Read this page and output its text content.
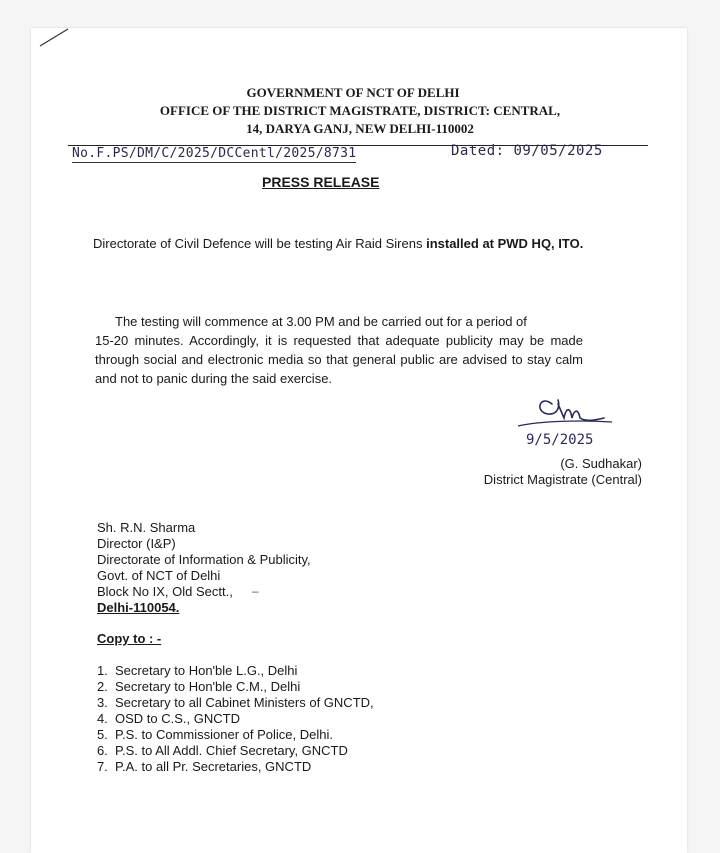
GOVERNMENT OF NCT OF DELHI
OFFICE OF THE DISTRICT MAGISTRATE, DISTRICT: CENTRAL,
14, DARYA GANJ, NEW DELHI-110002
No.F.PS/DM/C/2025/DCCentl/2025/8731	Dated: 09/05/2025
PRESS RELEASE
Directorate of Civil Defence will be testing Air Raid Sirens installed at PWD HQ, ITO.
The testing will commence at 3.00 PM and be carried out for a period of
15-20 minutes. Accordingly, it is requested that adequate publicity may be made through social and electronic media so that general public are advised to stay calm and not to panic during the said exercise.
9/5/2025
(G. Sudhakar)
District Magistrate (Central)
Sh. R.N. Sharma
Director (I&P)
Directorate of Information & Publicity,
Govt. of NCT of Delhi
Block No IX, Old Sectt.,
Delhi-110054.
–
Copy to : -
1. Secretary to Hon'ble L.G., Delhi
2. Secretary to Hon'ble C.M., Delhi
3. Secretary to all Cabinet Ministers of GNCTD,
4. OSD to C.S., GNCTD
5. P.S. to Commissioner of Police, Delhi.
6. P.S. to All Addl. Chief Secretary, GNCTD
7. P.A. to all Pr. Secretaries, GNCTD
